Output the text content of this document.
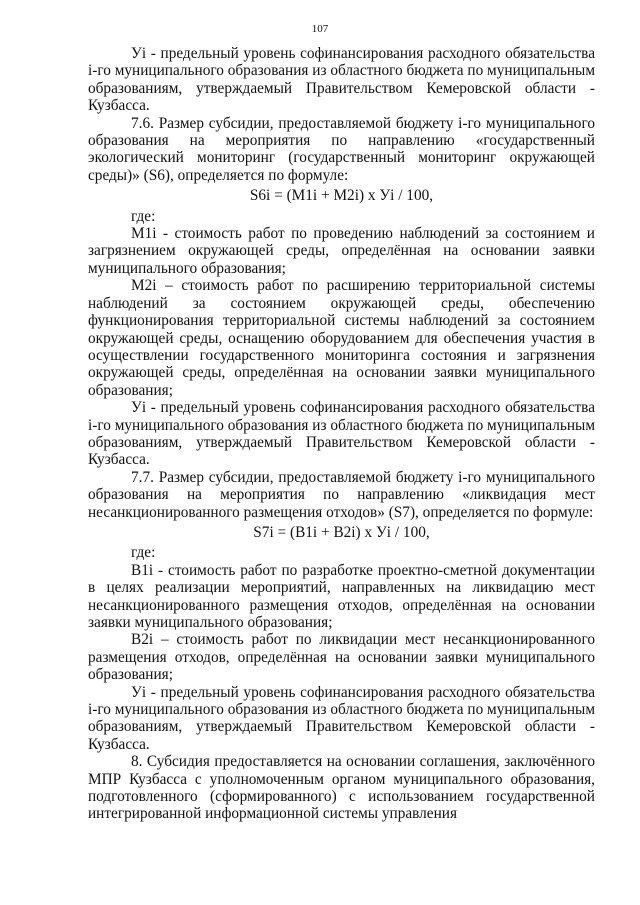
107

Уi - предельный уровень софинансирования расходного обязательства i-го муниципального образования из областного бюджета по муниципальным образованиям, утверждаемый Правительством Кемеровской области - Кузбасса.

7.6. Размер субсидии, предоставляемой бюджету i-го муниципального образования на мероприятия по направлению «государственный экологический мониторинг (государственный мониторинг окружающей среды)» (S6), определяется по формуле:

S6i = (M1i + M2i) x Уi / 100,

где:

M1i - стоимость работ по проведению наблюдений за состоянием и загрязнением окружающей среды, определённая на основании заявки муниципального образования;

M2i – стоимость работ по расширению территориальной системы наблюдений за состоянием окружающей среды, обеспечению функционирования территориальной системы наблюдений за состоянием окружающей среды, оснащению оборудованием для обеспечения участия в осуществлении государственного мониторинга состояния и загрязнения окружающей среды, определённая на основании заявки муниципального образования;

Уi - предельный уровень софинансирования расходного обязательства i-го муниципального образования из областного бюджета по муниципальным образованиям, утверждаемый Правительством Кемеровской области - Кузбасса.

7.7. Размер субсидии, предоставляемой бюджету i-го муниципального образования на мероприятия по направлению «ликвидация мест несанкционированного размещения отходов» (S7), определяется по формуле:

S7i = (B1i + B2i) x Уi / 100,

где:

B1i - стоимость работ по разработке проектно-сметной документации в целях реализации мероприятий, направленных на ликвидацию мест несанкционированного размещения отходов, определённая на основании заявки муниципального образования;

B2i – стоимость работ по ликвидации мест несанкционированного размещения отходов, определённая на основании заявки муниципального образования;

Уi - предельный уровень софинансирования расходного обязательства i-го муниципального образования из областного бюджета по муниципальным образованиям, утверждаемый Правительством Кемеровской области - Кузбасса.

8. Субсидия предоставляется на основании соглашения, заключённого МПР Кузбасса с уполномоченным органом муниципального образования, подготовленного (сформированного) с использованием государственной интегрированной информационной системы управления
